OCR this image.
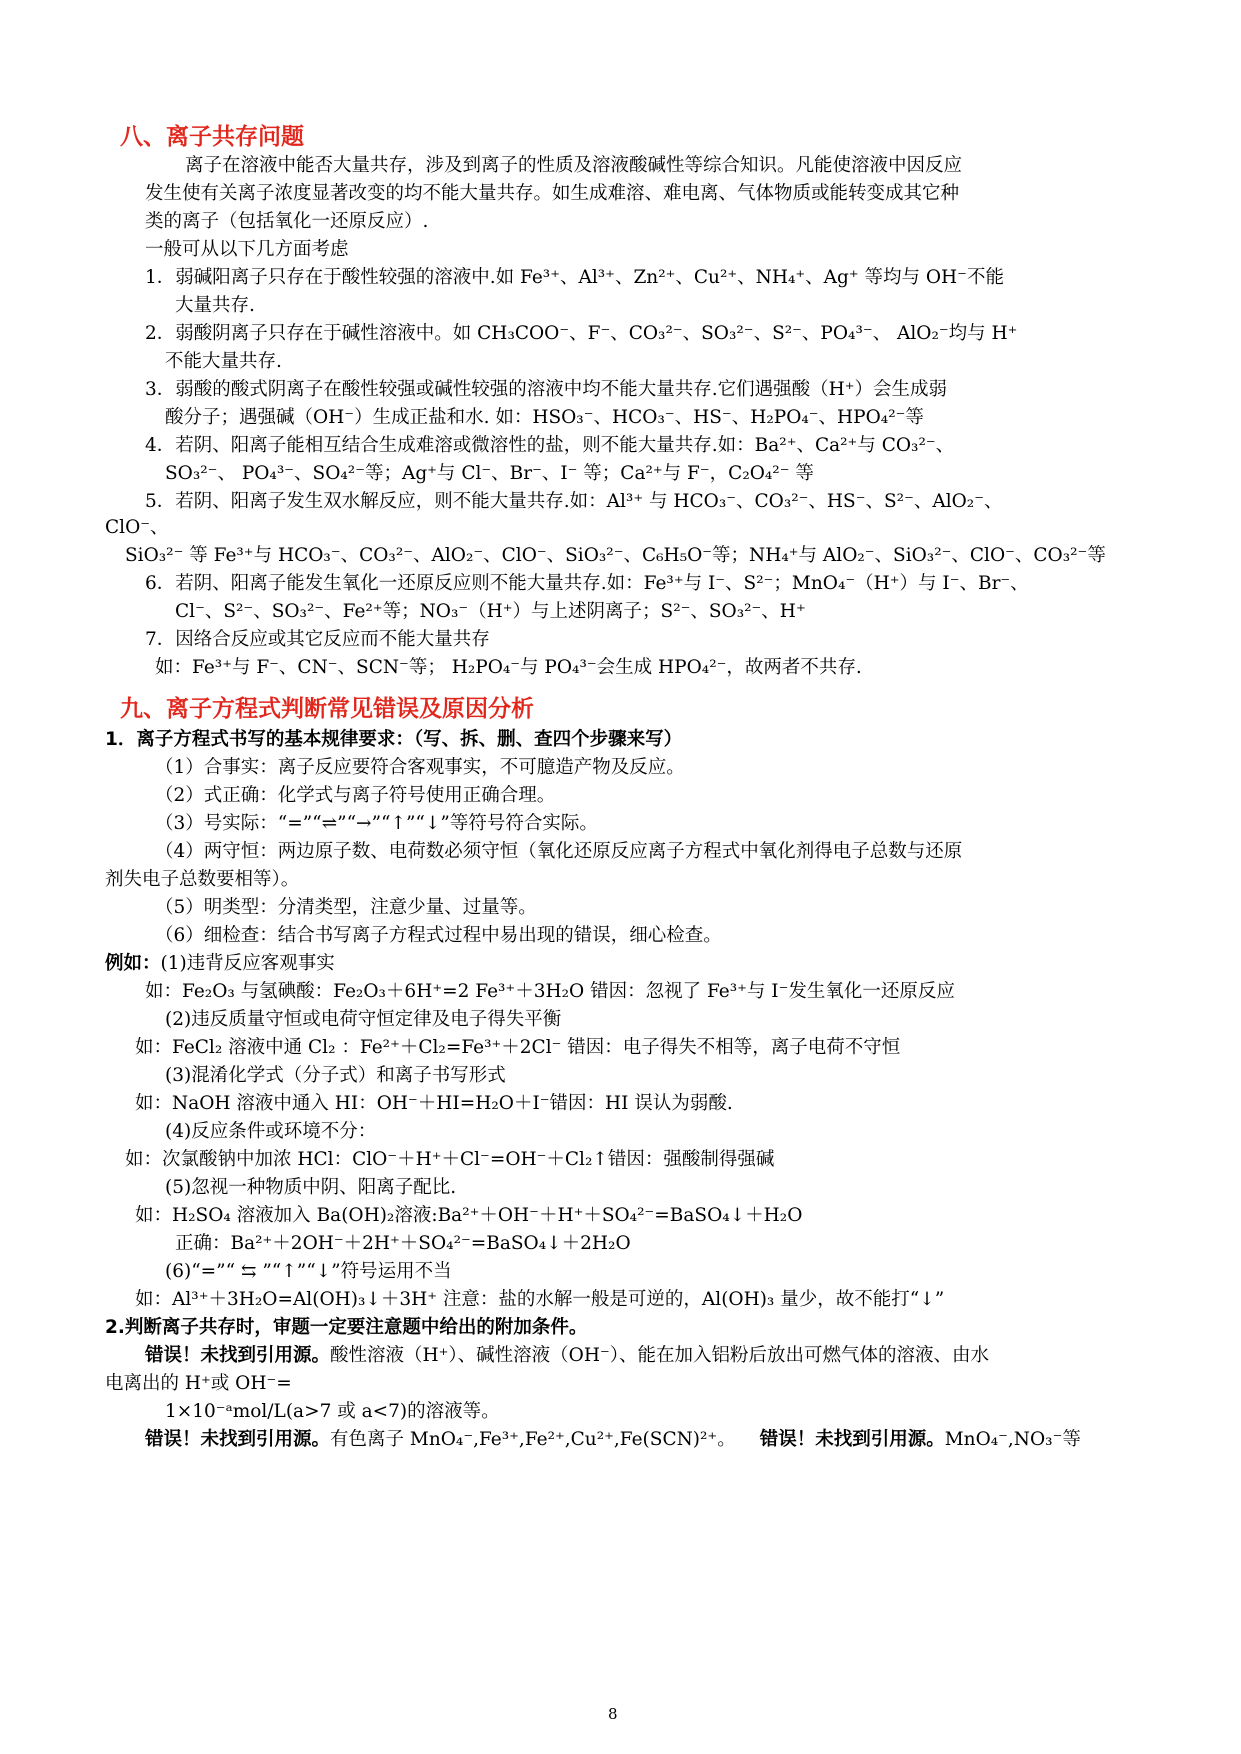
八、离子共存问题
离子在溶液中能否大量共存，涉及到离子的性质及溶液酸碱性等综合知识。凡能使溶液中因反应
发生使有关离子浓度显著改变的均不能大量共存。如生成难溶、难电离、气体物质或能转变成其它种
类的离子（包括氧化一还原反应）.
一般可从以下几方面考虑
1．弱碱阳离子只存在于酸性较强的溶液中.如 Fe³⁺、Al³⁺、Zn²⁺、Cu²⁺、NH₄⁺、Ag⁺ 等均与 OH⁻不能
大量共存.
2．弱酸阴离子只存在于碱性溶液中。如 CH₃COO⁻、F⁻、CO₃²⁻、SO₃²⁻、S²⁻、PO₄³⁻、 AlO₂⁻均与 H⁺
不能大量共存.
3．弱酸的酸式阴离子在酸性较强或碱性较强的溶液中均不能大量共存.它们遇强酸（H⁺）会生成弱
酸分子；遇强碱（OH⁻）生成正盐和水. 如：HSO₃⁻、HCO₃⁻、HS⁻、H₂PO₄⁻、HPO₄²⁻等
4．若阴、阳离子能相互结合生成难溶或微溶性的盐，则不能大量共存.如：Ba²⁺、Ca²⁺与 CO₃²⁻、
SO₃²⁻、 PO₄³⁻、SO₄²⁻等；Ag⁺与 Cl⁻、Br⁻、I⁻ 等；Ca²⁺与 F⁻，C₂O₄²⁻ 等
5．若阴、阳离子发生双水解反应，则不能大量共存.如：Al³⁺ 与 HCO₃⁻、CO₃²⁻、HS⁻、S²⁻、AlO₂⁻、
ClO⁻、
SiO₃²⁻ 等 Fe³⁺与 HCO₃⁻、CO₃²⁻、AlO₂⁻、ClO⁻、SiO₃²⁻、C₆H₅O⁻等；NH₄⁺与 AlO₂⁻、SiO₃²⁻、ClO⁻、CO₃²⁻等
6．若阴、阳离子能发生氧化一还原反应则不能大量共存.如：Fe³⁺与 I⁻、S²⁻；MnO₄⁻（H⁺）与 I⁻、Br⁻、
Cl⁻、S²⁻、SO₃²⁻、Fe²⁺等；NO₃⁻（H⁺）与上述阴离子；S²⁻、SO₃²⁻、H⁺
7．因络合反应或其它反应而不能大量共存
如：Fe³⁺与 F⁻、CN⁻、SCN⁻等； H₂PO₄⁻与 PO₄³⁻会生成 HPO₄²⁻，故两者不共存.
九、离子方程式判断常见错误及原因分析
1．离子方程式书写的基本规律要求：（写、拆、删、查四个步骤来写）
（1）合事实：离子反应要符合客观事实，不可臆造产物及反应。
（2）式正确：化学式与离子符号使用正确合理。
（3）号实际：“=”“⇌”“→”“↑”“↓”等符号符合实际。
（4）两守恒：两边原子数、电荷数必须守恒（氧化还原反应离子方程式中氧化剂得电子总数与还原
剂失电子总数要相等）。
（5）明类型：分清类型，注意少量、过量等。
（6）细检查：结合书写离子方程式过程中易出现的错误，细心检查。
例如：(1)违背反应客观事实
如：Fe₂O₃ 与氢碘酸：Fe₂O₃＋6H⁺=2 Fe³⁺＋3H₂O 错因：忽视了 Fe³⁺与 I⁻发生氧化一还原反应
(2)违反质量守恒或电荷守恒定律及电子得失平衡
如：FeCl₂ 溶液中通 Cl₂ ：Fe²⁺＋Cl₂=Fe³⁺＋2Cl⁻ 错因：电子得失不相等，离子电荷不守恒
(3)混淆化学式（分子式）和离子书写形式
如：NaOH 溶液中通入 HI：OH⁻＋HI=H₂O＋I⁻错因：HI 误认为弱酸.
(4)反应条件或环境不分：
如：次氯酸钠中加浓 HCl：ClO⁻＋H⁺＋Cl⁻=OH⁻＋Cl₂↑错因：强酸制得强碱
(5)忽视一种物质中阴、阳离子配比.
如：H₂SO₄ 溶液加入 Ba(OH)₂溶液:Ba²⁺＋OH⁻＋H⁺＋SO₄²⁻=BaSO₄↓＋H₂O
正确：Ba²⁺＋2OH⁻＋2H⁺＋SO₄²⁻=BaSO₄↓＋2H₂O
(6)“=”“ ⇆ ”“↑”“↓”符号运用不当
如：Al³⁺＋3H₂O=Al(OH)₃↓＋3H⁺ 注意：盐的水解一般是可逆的，Al(OH)₃ 量少，故不能打“↓”
2.判断离子共存时，审题一定要注意题中给出的附加条件。
错误！未找到引用源。酸性溶液（H⁺）、碱性溶液（OH⁻）、能在加入铝粉后放出可燃气体的溶液、由水
电离出的 H⁺或 OH⁻=
1×10⁻ᵃmol/L(a>7 或 a<7)的溶液等。
错误！未找到引用源。有色离子 MnO₄⁻,Fe³⁺,Fe²⁺,Cu²⁺,Fe(SCN)²⁺。 错误！未找到引用源。MnO₄⁻,NO₃⁻等
8
